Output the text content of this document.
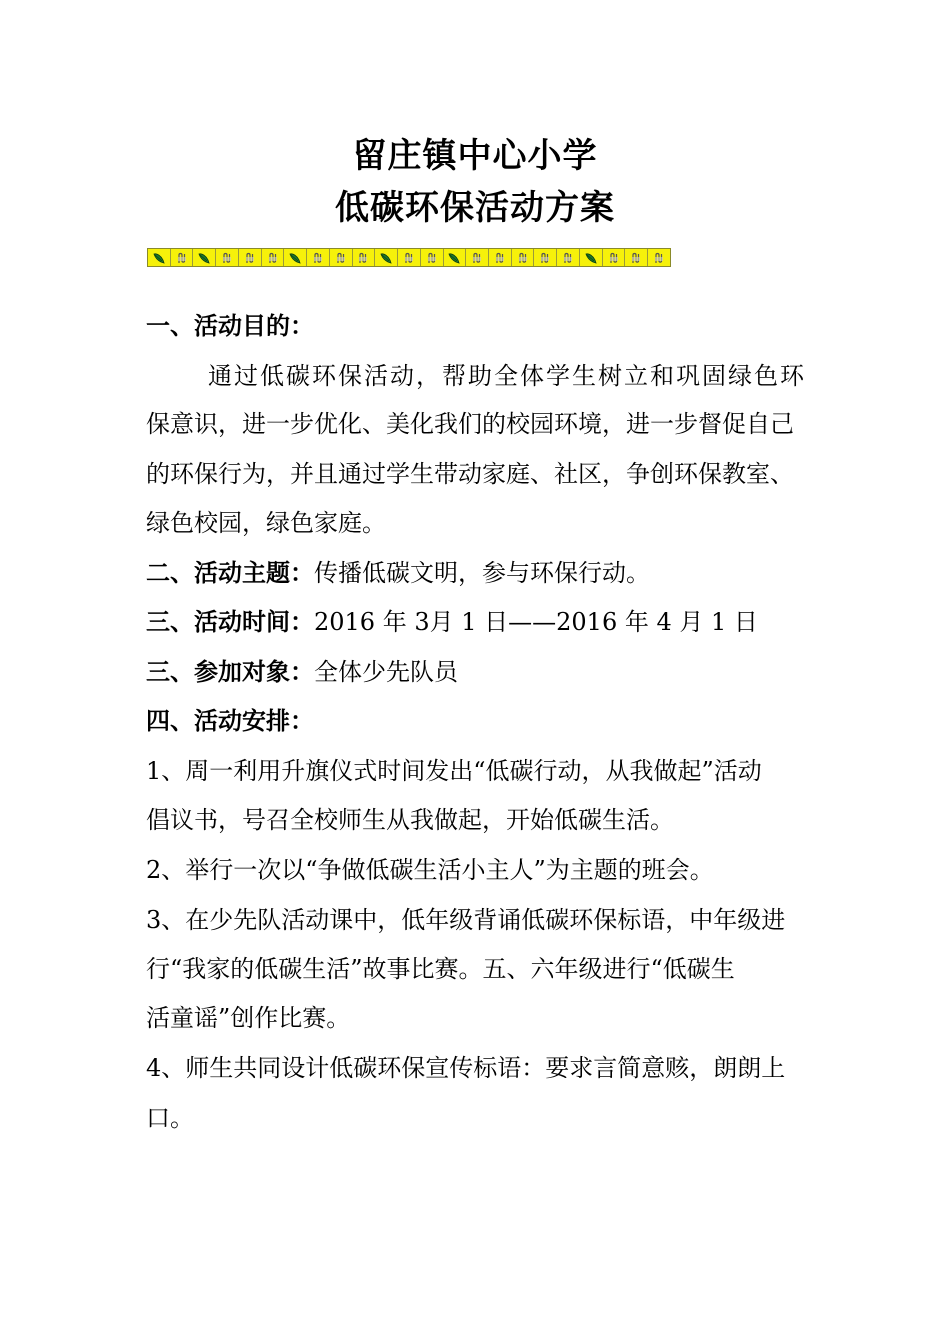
留庄镇中心小学
低碳环保活动方案
一、活动目的：
通过低碳环保活动，帮助全体学生树立和巩固绿色环
保意识，进一步优化、美化我们的校园环境，进一步督促自己
的环保行为，并且通过学生带动家庭、社区，争创环保教室、
绿色校园，绿色家庭。
二、活动主题：传播低碳文明，参与环保行动。
三、活动时间：2016 年 3月 1 日——2016 年 4 月 1 日
三、参加对象：全体少先队员
四、活动安排：
1、周一利用升旗仪式时间发出“低碳行动，从我做起”活动
倡议书，号召全校师生从我做起，开始低碳生活。
2、举行一次以“争做低碳生活小主人”为主题的班会。
3、在少先队活动课中，低年级背诵低碳环保标语，中年级进
行“我家的低碳生活”故事比赛。五、六年级进行“低碳生
活童谣”创作比赛。
4、师生共同设计低碳环保宣传标语：要求言简意赅，朗朗上
口。
